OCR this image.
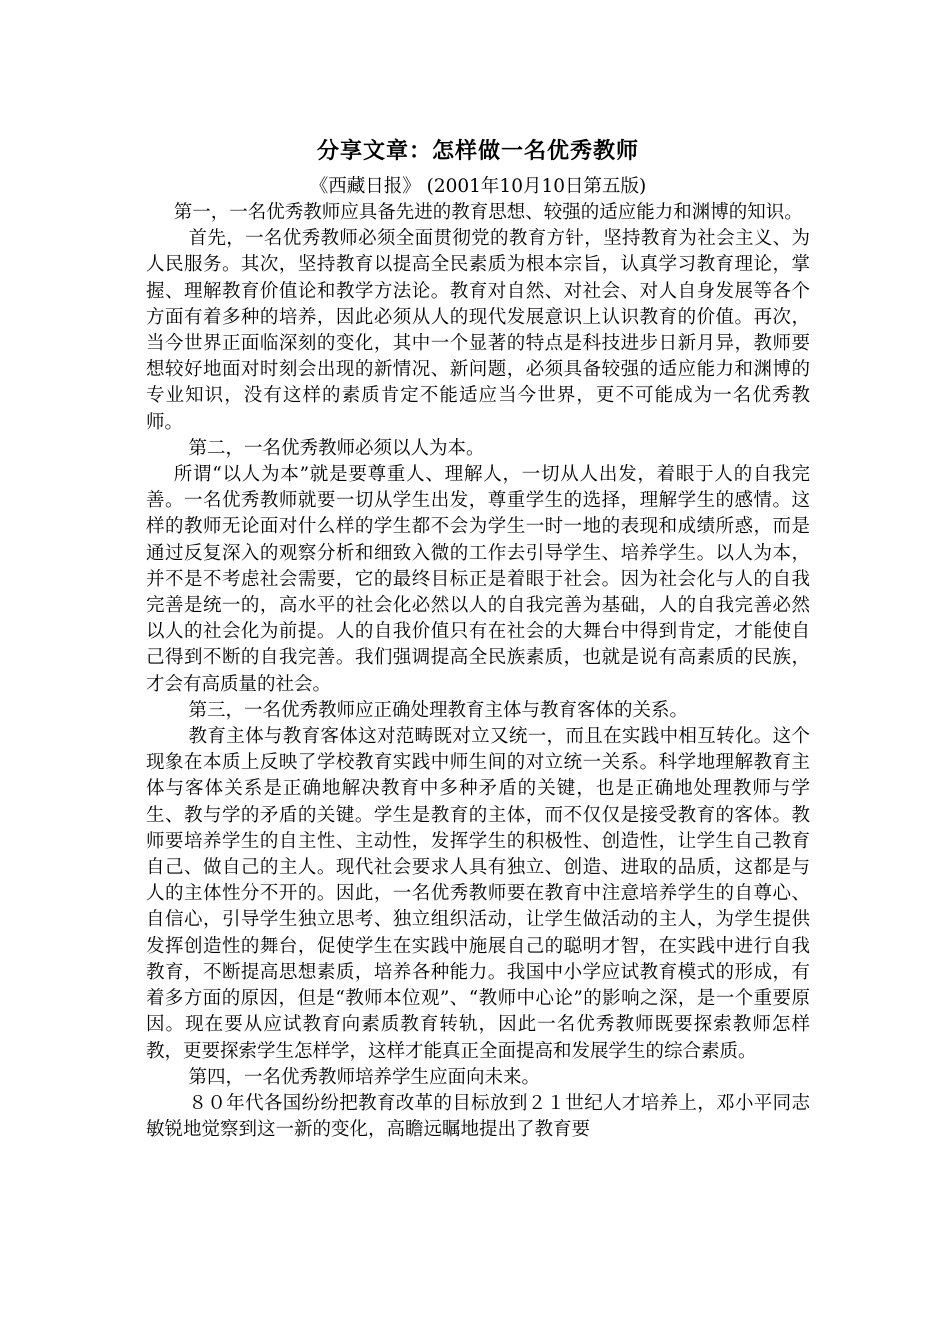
分享文章：怎样做一名优秀教师

《西藏日报》 (2001年10月10日第五版)

第一，一名优秀教师应具备先进的教育思想、较强的适应能力和渊博的知识。

首先，一名优秀教师必须全面贯彻党的教育方针，坚持教育为社会主义、为人民服务。其次，坚持教育以提高全民素质为根本宗旨，认真学习教育理论，掌握、理解教育价值论和教学方法论。教育对自然、对社会、对人自身发展等各个方面有着多种的培养，因此必须从人的现代发展意识上认识教育的价值。再次，当今世界正面临深刻的变化，其中一个显著的特点是科技进步日新月异，教师要想较好地面对时刻会出现的新情况、新问题，必须具备较强的适应能力和渊博的专业知识，没有这样的素质肯定不能适应当今世界，更不可能成为一名优秀教师。

第二，一名优秀教师必须以人为本。

所谓“以人为本”就是要尊重人、理解人，一切从人出发，着眼于人的自我完善。一名优秀教师就要一切从学生出发，尊重学生的选择，理解学生的感情。这样的教师无论面对什么样的学生都不会为学生一时一地的表现和成绩所惑，而是通过反复深入的观察分析和细致入微的工作去引导学生、培养学生。以人为本，并不是不考虑社会需要，它的最终目标正是着眼于社会。因为社会化与人的自我完善是统一的，高水平的社会化必然以人的自我完善为基础，人的自我完善必然以人的社会化为前提。人的自我价值只有在社会的大舞台中得到肯定，才能使自己得到不断的自我完善。我们强调提高全民族素质，也就是说有高素质的民族，才会有高质量的社会。

第三，一名优秀教师应正确处理教育主体与教育客体的关系。

教育主体与教育客体这对范畴既对立又统一，而且在实践中相互转化。这个现象在本质上反映了学校教育实践中师生间的对立统一关系。科学地理解教育主体与客体关系是正确地解决教育中多种矛盾的关键，也是正确地处理教师与学生、教与学的矛盾的关键。学生是教育的主体，而不仅仅是接受教育的客体。教师要培养学生的自主性、主动性，发挥学生的积极性、创造性，让学生自己教育自己、做自己的主人。现代社会要求人具有独立、创造、进取的品质，这都是与人的主体性分不开的。因此，一名优秀教师要在教育中注意培养学生的自尊心、自信心，引导学生独立思考、独立组织活动，让学生做活动的主人，为学生提供发挥创造性的舞台，促使学生在实践中施展自己的聪明才智，在实践中进行自我教育，不断提高思想素质，培养各种能力。我国中小学应试教育模式的形成，有着多方面的原因，但是“教师本位观”、“教师中心论”的影响之深，是一个重要原因。现在要从应试教育向素质教育转轨，因此一名优秀教师既要探索教师怎样教，更要探索学生怎样学，这样才能真正全面提高和发展学生的综合素质。

第四，一名优秀教师培养学生应面向未来。

８０年代各国纷纷把教育改革的目标放到２１世纪人才培养上，邓小平同志敏锐地觉察到这一新的变化，高瞻远瞩地提出了教育要
